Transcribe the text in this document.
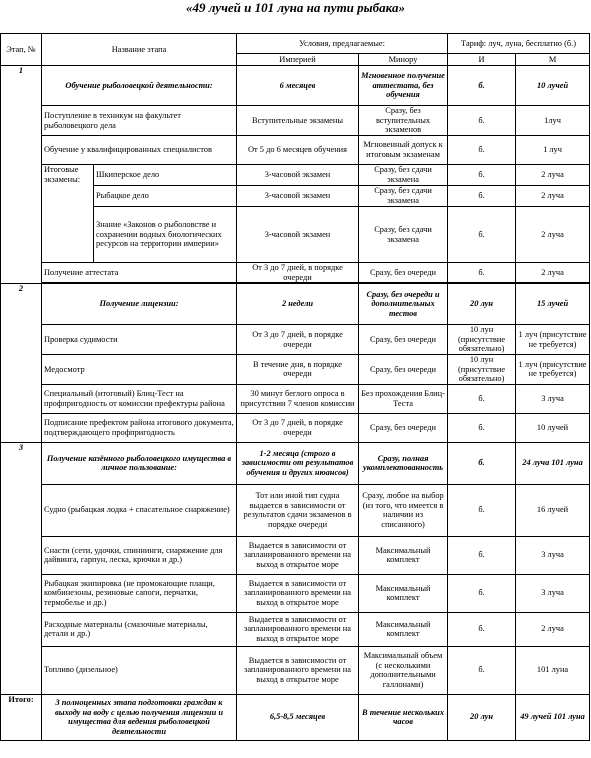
«49 лучей и 101 луна на пути рыбака»
Этап, №	Название этапа		Условия, предлагаемые:		Тариф: луч, луна, бесплатно (б.)	
			Империей	Минору	И	М
1	Обучение рыболовецкой деятельности:		6 месяцев	Мгновенное получение аттестата, без обучения	б.	10 лучей
	Поступление в техникум на факультет рыболовецкого дела		Вступительные экзамены	Сразу, без вступительных экзаменов	б.	1луч
	Обучение у квалифицированных специалистов		От 5 до 6 месяцев обучения	Мгновенный допуск к итоговым экзаменам	б.	1 луч
	Итоговые экзамены:	Шкиперское дело	3-часовой экзамен	Сразу, без сдачи экзамена	б.	2 луча
		Рыбацкое дело	3-часовой экзамен	Сразу, без сдачи экзамена	б.	2 луча
		Знание «Законов о рыболовстве и сохранении водных биологических ресурсов на территории империи»	3-часовой экзамен	Сразу, без сдачи экзамена	б.	2 луча
	Получение аттестата		От 3 до 7 дней, в порядке очереди	Сразу, без очереди	б.	2 луча

2	Получение лицензии:		2 недели	Сразу, без очереди и дополнительных тестов	20 лун	15 лучей
	Проверка судимости		От 3 до 7 дней, в порядке очереди	Сразу, без очереди	10 лун (присутствие обязательно)	1 луч (присутствие не требуется)
	Медосмотр		В течение дня, в порядке очереди	Сразу, без очереди	10 лун (присутствие обязательно)	1 луч (присутствие не требуется)
	Специальный (итоговый) Блиц-Тест на профпригодность от комиссии префектуры района		30 минут беглого опроса в присутствии 7 членов комиссии	Без прохождения Блиц-Теста	б.	3 луча
	Подписание префектом района итогового документа, подтверждающего профпригодность		От 3 до 7 дней, в порядке очереди	Сразу, без очереди	б.	10 лучей
3	Получение казённого рыболовецкого имущества в личное пользование:		1-2 месяца (строго в зависимости от результатов обучения и других нюансов)	Сразу, полная укомплектованность	б.	24 луча 101 луна
	Судно (рыбацкая лодка + спасательное снаряжение)		Тот или иной тип судна выдается в зависимости от результатов сдачи экзаменов в порядке очереди	Сразу, любое на выбор (из того, что имеется в наличии из списанного)	б.	16 лучей
	Снасти (сети, удочки, спиннинги, снаряжение для дайвинга, гарпун, леска, крючки и др.)		Выдается в зависимости от запланированного времени на выход в открытое море	Максимальный комплект	б.	3 луча
	Рыбацкая экипировка (не промокающие плащи, комбинезоны, резиновые сапоги, перчатки, термобелье и др.)		Выдается в зависимости от запланированного времени на выход в открытое море	Максимальный комплект	б.	3 луча
	Расходные материалы (смазочные материалы, детали и др.)		Выдается в зависимости от запланированного времени на выход в открытое море	Максимальный комплект	б.	2 луча
	Топливо (дизельное)		Выдается в зависимости от запланированного времени на выход в открытое море	Максимальный объем (с несколькими дополнительными галлонами)	б.	101 луна
Итого:	3 полноценных этапа подготовки граждан к выходу на воду с целью получения лицензии и имущества для ведения рыболовецкой деятельности		6,5-8,5 месяцев	В течение нескольких часов	20 лун	49 лучей 101 луна
